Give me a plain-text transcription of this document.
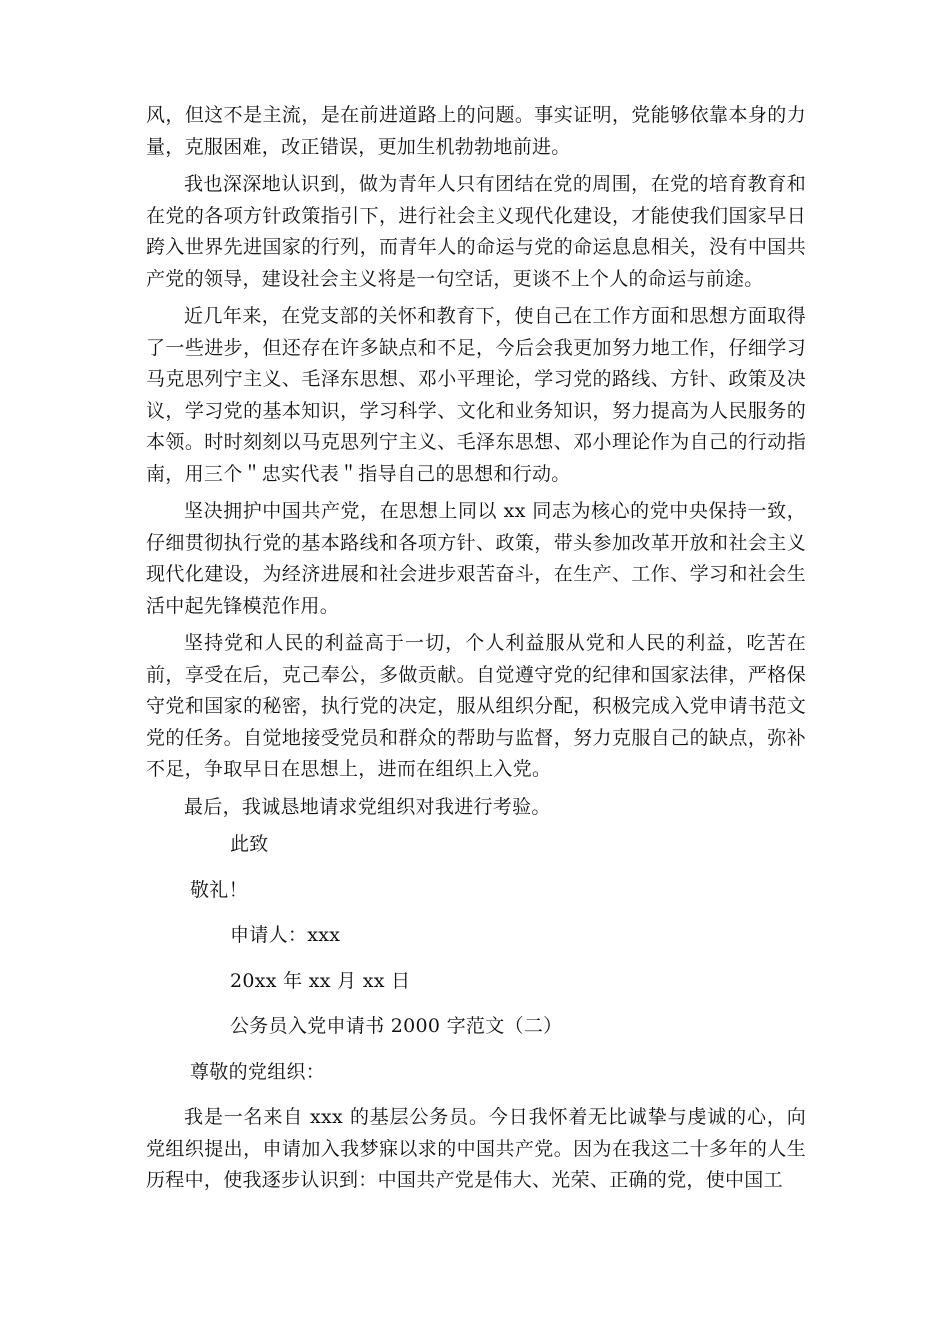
风，但这不是主流，是在前进道路上的问题。事实证明，党能够依靠本身的力量，克服困难，改正错误，更加生机勃勃地前进。

我也深深地认识到，做为青年人只有团结在党的周围，在党的培育教育和在党的各项方针政策指引下，进行社会主义现代化建设，才能使我们国家早日跨入世界先进国家的行列，而青年人的命运与党的命运息息相关，没有中国共产党的领导，建设社会主义将是一句空话，更谈不上个人的命运与前途。

近几年来，在党支部的关怀和教育下，使自己在工作方面和思想方面取得了一些进步，但还存在许多缺点和不足，今后会我更加努力地工作，仔细学习马克思列宁主义、毛泽东思想、邓小平理论，学习党的路线、方针、政策及决议，学习党的基本知识，学习科学、文化和业务知识，努力提高为人民服务的本领。时时刻刻以马克思列宁主义、毛泽东思想、邓小理论作为自己的行动指南，用三个＂忠实代表＂指导自己的思想和行动。

坚决拥护中国共产党，在思想上同以 xx 同志为核心的党中央保持一致，仔细贯彻执行党的基本路线和各项方针、政策，带头参加改革开放和社会主义现代化建设，为经济进展和社会进步艰苦奋斗，在生产、工作、学习和社会生活中起先锋模范作用。

坚持党和人民的利益高于一切，个人利益服从党和人民的利益，吃苦在前，享受在后，克己奉公，多做贡献。自觉遵守党的纪律和国家法律，严格保守党和国家的秘密，执行党的决定，服从组织分配，积极完成入党申请书范文党的任务。自觉地接受党员和群众的帮助与监督，努力克服自己的缺点，弥补不足，争取早日在思想上，进而在组织上入党。

最后，我诚恳地请求党组织对我进行考验。

此致
敬礼！
申请人：xxx
20xx 年 xx 月 xx 日
公务员入党申请书 2000 字范文（二）
尊敬的党组织：

我是一名来自 xxx 的基层公务员。今日我怀着无比诚挚与虔诚的心，向党组织提出，申请加入我梦寐以求的中国共产党。因为在我这二十多年的人生历程中，使我逐步认识到：中国共产党是伟大、光荣、正确的党，使中国工
